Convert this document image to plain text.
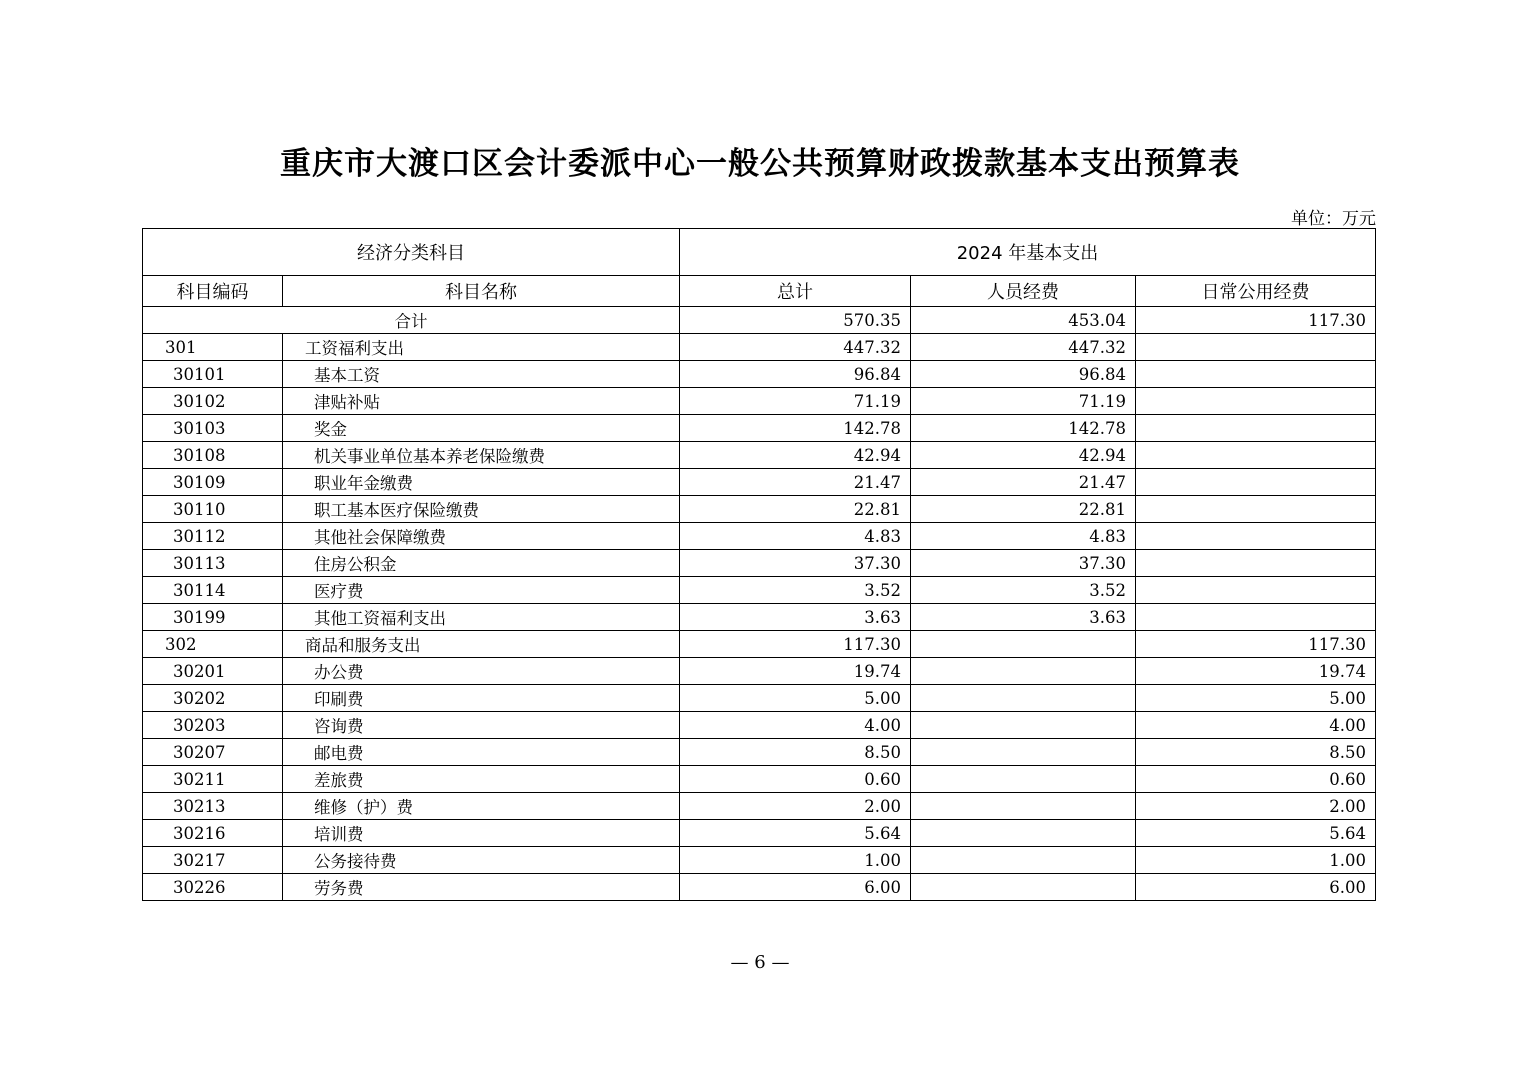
重庆市大渡口区会计委派中心一般公共预算财政拨款基本支出预算表
单位：万元
经济分类科目		2024 年基本支出		
科目编码	科目名称	总计	人员经费	日常公用经费
合计		570.35	453.04	117.30
301	工资福利支出	447.32	447.32	
30101	基本工资	96.84	96.84	
30102	津贴补贴	71.19	71.19	
30103	奖金	142.78	142.78	
30108	机关事业单位基本养老保险缴费	42.94	42.94	
30109	职业年金缴费	21.47	21.47	
30110	职工基本医疗保险缴费	22.81	22.81	
30112	其他社会保障缴费	4.83	4.83	
30113	住房公积金	37.30	37.30	
30114	医疗费	3.52	3.52	
30199	其他工资福利支出	3.63	3.63	
302	商品和服务支出	117.30		117.30
30201	办公费	19.74		19.74
30202	印刷费	5.00		5.00
30203	咨询费	4.00		4.00
30207	邮电费	8.50		8.50
30211	差旅费	0.60		0.60
30213	维修（护）费	2.00		2.00
30216	培训费	5.64		5.64
30217	公务接待费	1.00		1.00
30226	劳务费	6.00		6.00
— 6 —
